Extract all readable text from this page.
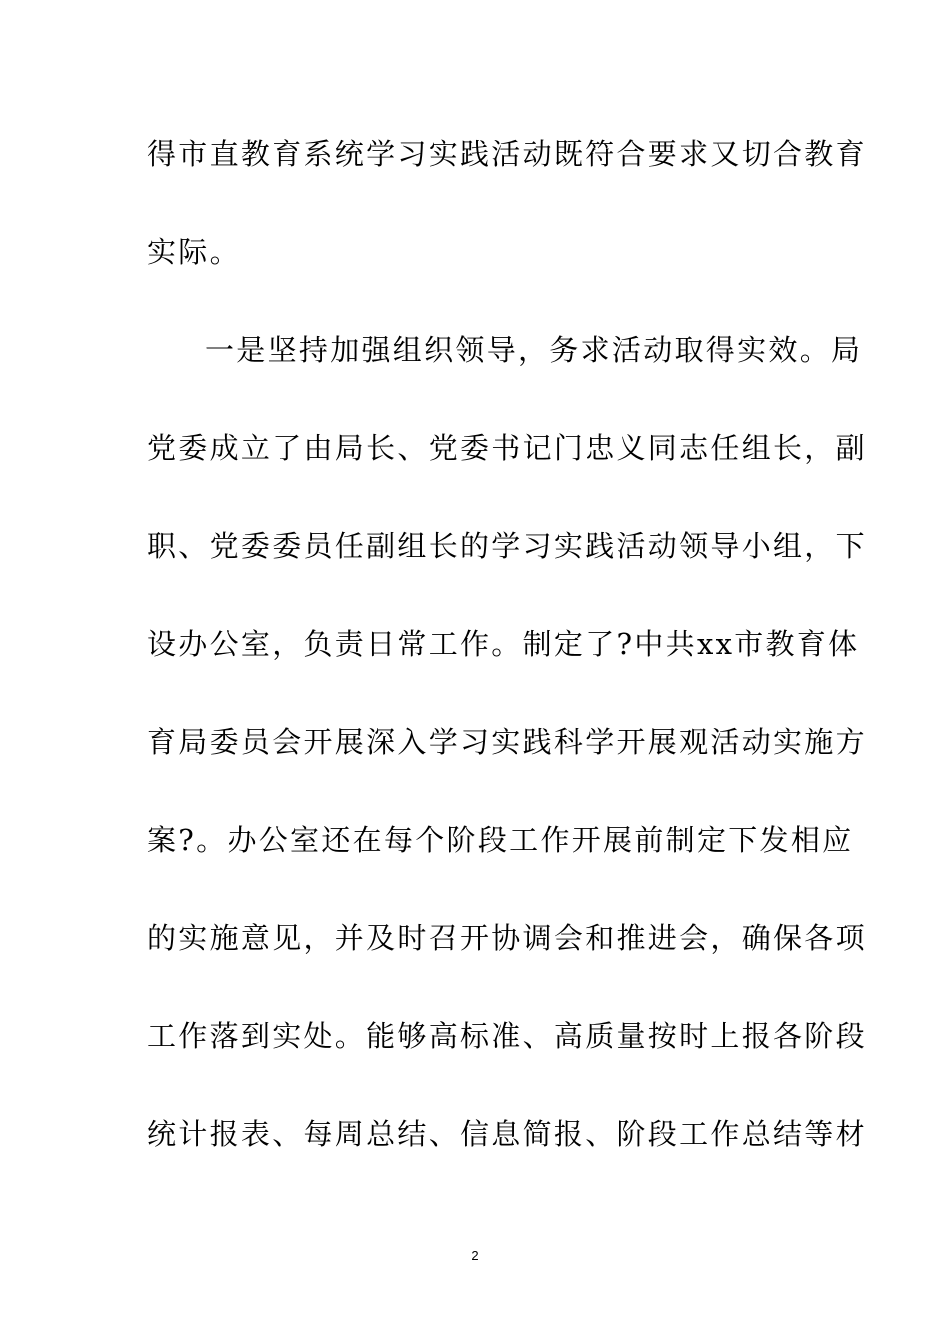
得市直教育系统学习实践活动既符合要求又切合教育
实际。
一是坚持加强组织领导，务求活动取得实效。局
党委成立了由局长、党委书记门忠义同志任组长，副
职、党委委员任副组长的学习实践活动领导小组，下
设办公室，负责日常工作。制定了?中共xx市教育体
育局委员会开展深入学习实践科学开展观活动实施方
案?。办公室还在每个阶段工作开展前制定下发相应
的实施意见，并及时召开协调会和推进会，确保各项
工作落到实处。能够高标准、高质量按时上报各阶段
统计报表、每周总结、信息简报、阶段工作总结等材
2
